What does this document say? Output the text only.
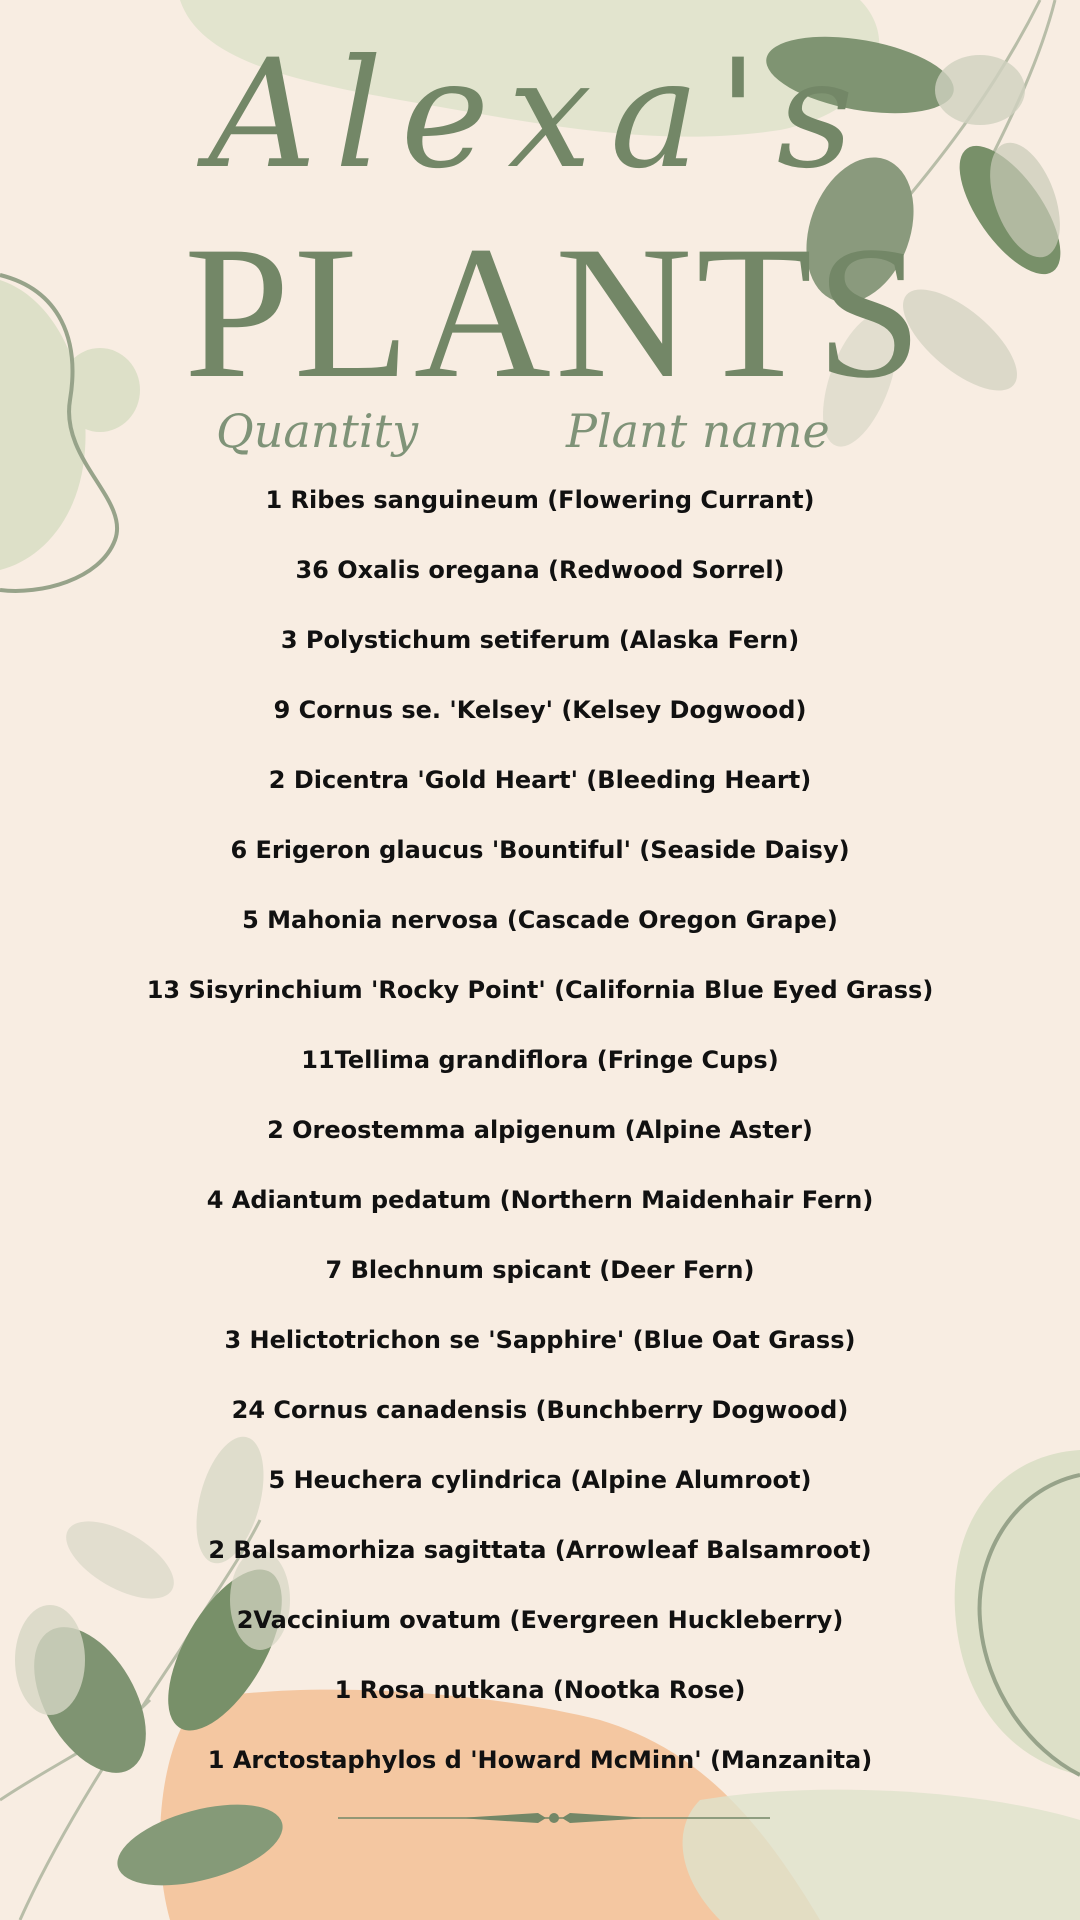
Alexa's
PLANTS
Quantity	Plant name
1 Ribes sanguineum (Flowering Currant)
36 Oxalis oregana (Redwood Sorrel)
3 Polystichum setiferum (Alaska Fern)
9 Cornus se. 'Kelsey' (Kelsey Dogwood)
2 Dicentra 'Gold Heart' (Bleeding Heart)
6 Erigeron glaucus 'Bountiful' (Seaside Daisy)
5 Mahonia nervosa (Cascade Oregon Grape)
13 Sisyrinchium 'Rocky Point' (California Blue Eyed Grass)
11Tellima grandiflora (Fringe Cups)
2 Oreostemma alpigenum (Alpine Aster)
4 Adiantum pedatum (Northern Maidenhair Fern)
7 Blechnum spicant (Deer Fern)
3 Helictotrichon se 'Sapphire' (Blue Oat Grass)
24 Cornus canadensis (Bunchberry Dogwood)
5 Heuchera cylindrica (Alpine Alumroot)
2 Balsamorhiza sagittata (Arrowleaf Balsamroot)
2Vaccinium ovatum (Evergreen Huckleberry)
1 Rosa nutkana (Nootka Rose)
1 Arctostaphylos d 'Howard McMinn' (Manzanita)
